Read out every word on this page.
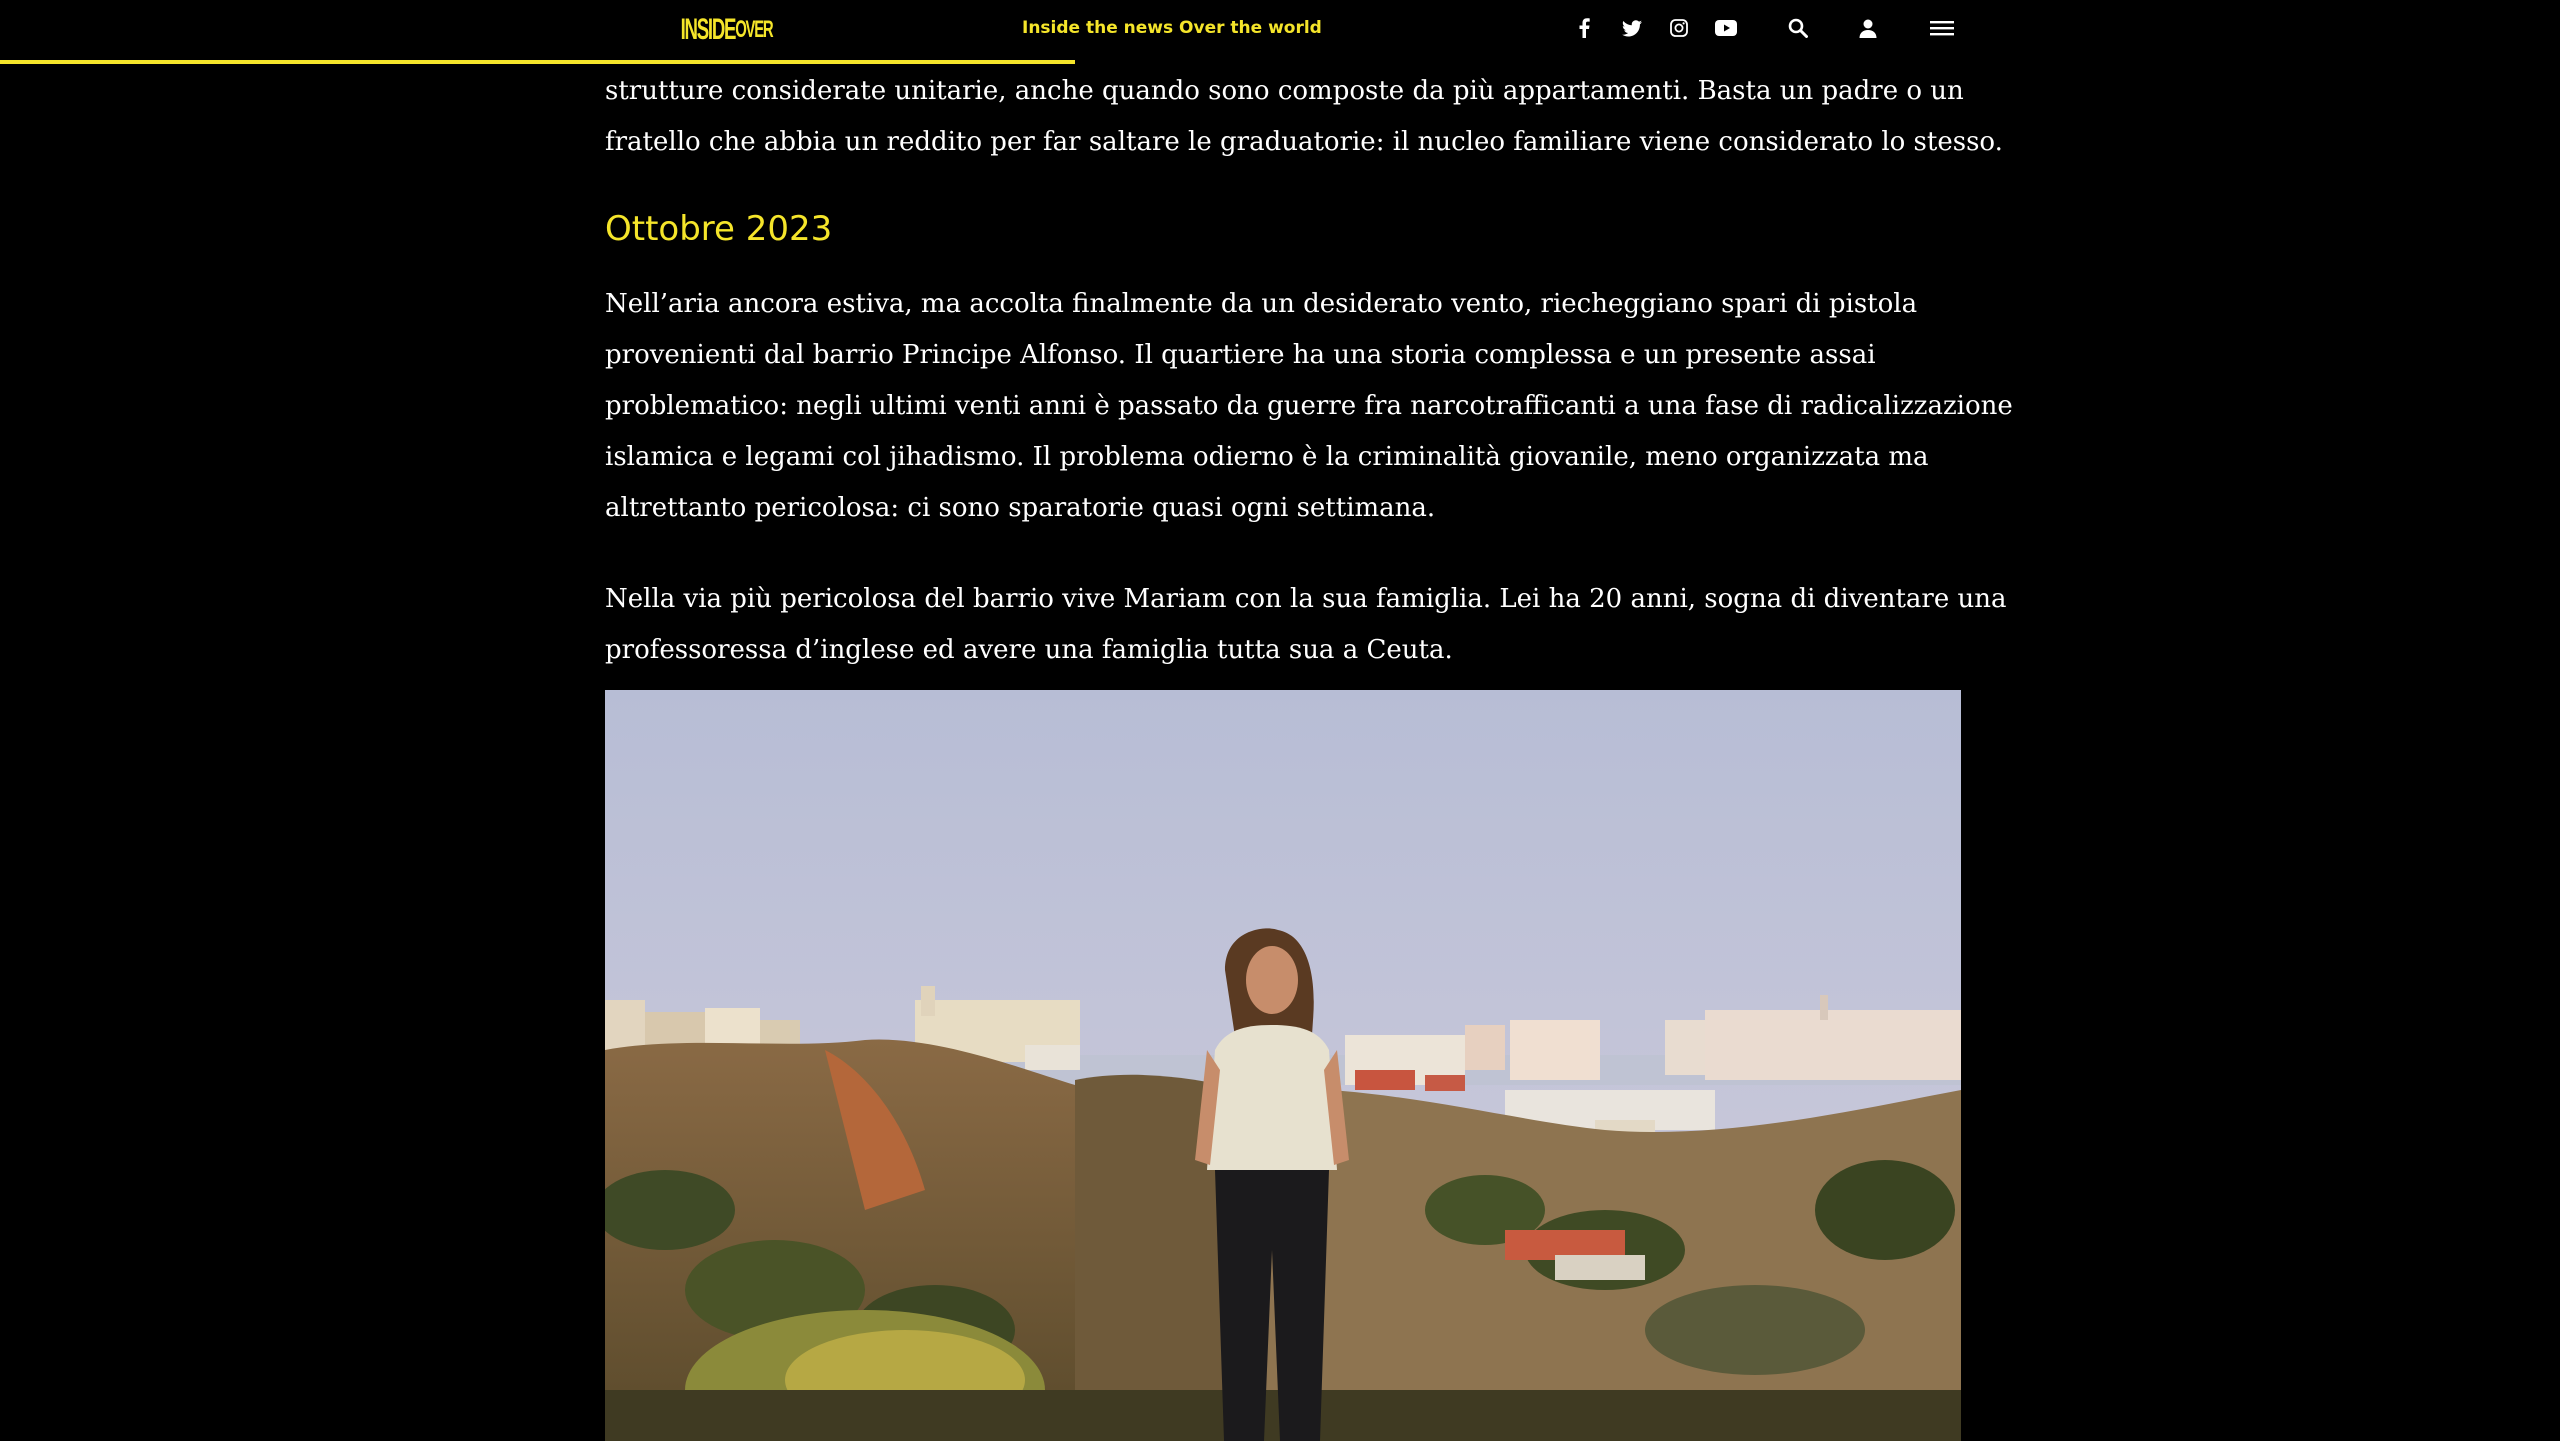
INSIDE OVER	Inside the news Over the world

strutture considerate unitarie, anche quando sono composte da più appartamenti. Basta un padre o un fratello che abbia un reddito per far saltare le graduatorie: il nucleo familiare viene considerato lo stesso.

Ottobre 2023

Nell’aria ancora estiva, ma accolta finalmente da un desiderato vento, riecheggiano spari di pistola provenienti dal barrio Principe Alfonso. Il quartiere ha una storia complessa e un presente assai problematico: negli ultimi venti anni è passato da guerre fra narcotrafficanti a una fase di radicalizzazione islamica e legami col jihadismo. Il problema odierno è la criminalità giovanile, meno organizzata ma altrettanto pericolosa: ci sono sparatorie quasi ogni settimana.

Nella via più pericolosa del barrio vive Mariam con la sua famiglia. Lei ha 20 anni, sogna di diventare una professoressa d’inglese ed avere una famiglia tutta sua a Ceuta.
